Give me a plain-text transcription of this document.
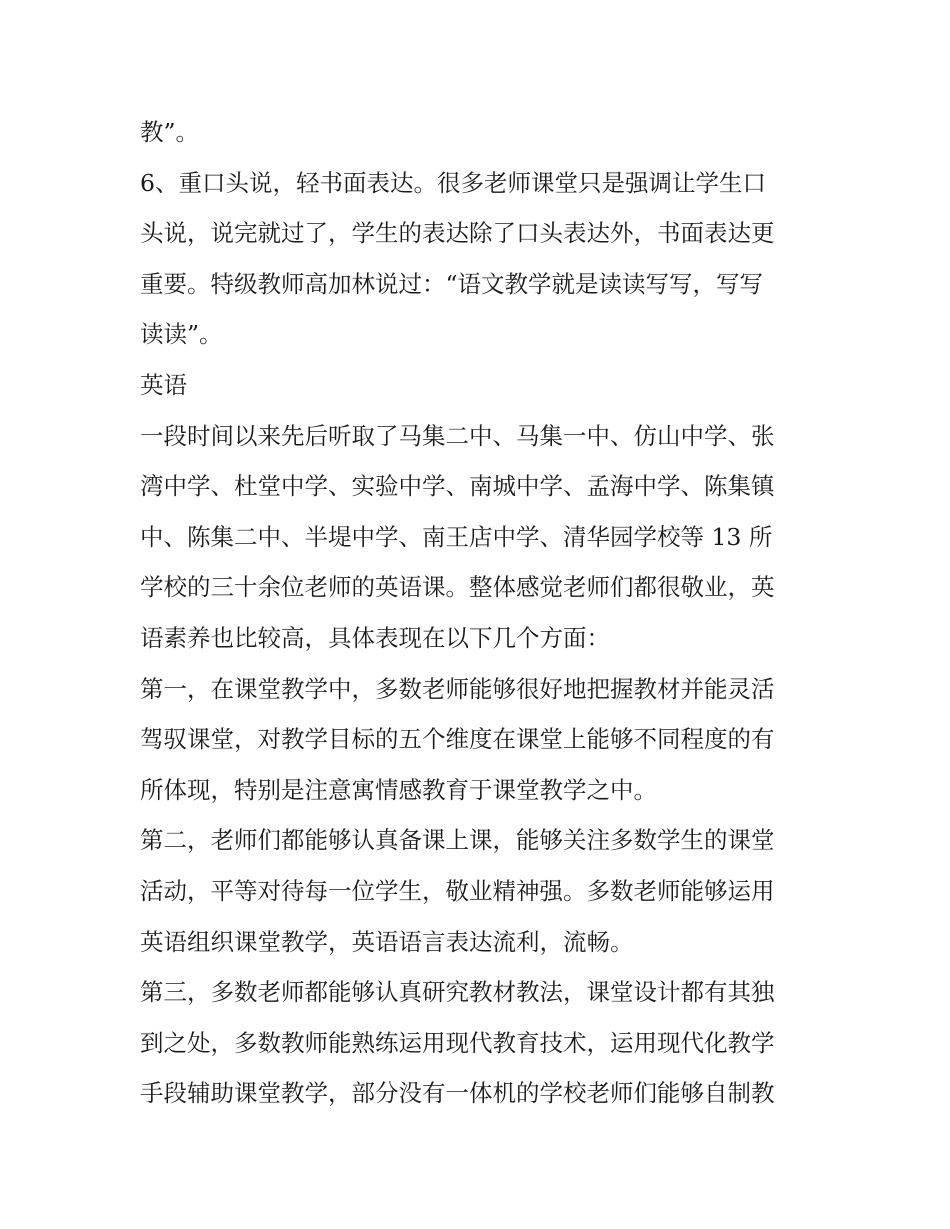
教”。
6、重口头说，轻书面表达。很多老师课堂只是强调让学生口
头说，说完就过了，学生的表达除了口头表达外，书面表达更
重要。特级教师高加林说过：“语文教学就是读读写写，写写
读读”。
英语
一段时间以来先后听取了马集二中、马集一中、仿山中学、张
湾中学、杜堂中学、实验中学、南城中学、孟海中学、陈集镇
中、陈集二中、半堤中学、南王店中学、清华园学校等 13 所
学校的三十余位老师的英语课。整体感觉老师们都很敬业，英
语素养也比较高，具体表现在以下几个方面：
第一，在课堂教学中，多数老师能够很好地把握教材并能灵活
驾驭课堂，对教学目标的五个维度在课堂上能够不同程度的有
所体现，特别是注意寓情感教育于课堂教学之中。
第二，老师们都能够认真备课上课，能够关注多数学生的课堂
活动，平等对待每一位学生，敬业精神强。多数老师能够运用
英语组织课堂教学，英语语言表达流利，流畅。
第三，多数老师都能够认真研究教材教法，课堂设计都有其独
到之处，多数教师能熟练运用现代教育技术，运用现代化教学
手段辅助课堂教学，部分没有一体机的学校老师们能够自制教
